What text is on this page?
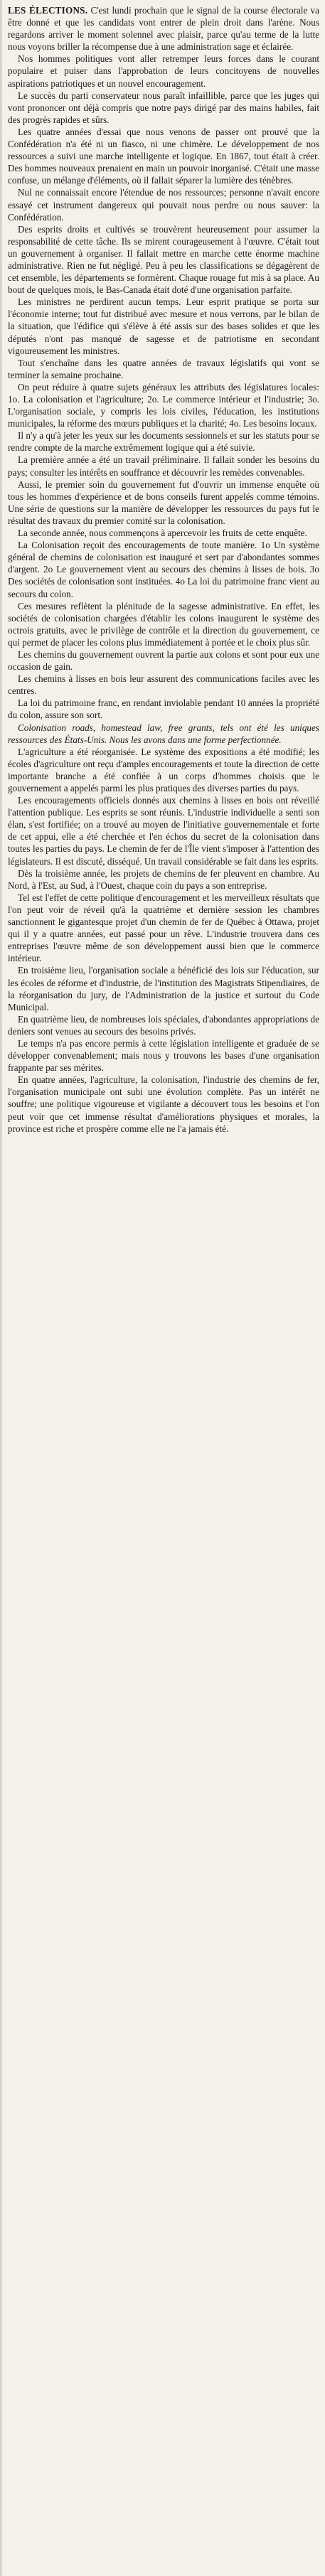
LES ÉLECTIONS. C'est lundi prochain que le signal de la course électorale va être donné et que les candidats vont entrer de plein droit dans l'arène. Nous regardons arriver le moment solennel avec plaisir, parce qu'au terme de la lutte nous voyons briller la récompense due à une administration sage et éclairée.

Nos hommes politiques vont aller retremper leurs forces dans le courant populaire et puiser dans l'approbation de leurs concitoyens de nouvelles aspirations patriotiques et un nouvel encouragement.

Le succès du parti conservateur nous paraît infaillible, parce que les juges qui vont prononcer ont déjà compris que notre pays dirigé par des mains habiles, fait des progrès rapides et sûrs.

Les quatre années d'essai que nous venons de passer ont prouvé que la Confédération n'a été ni un fiasco, ni une chimère. Le développement de nos ressources a suivi une marche intelligente et logique. En 1867, tout était à créer. Des hommes nouveaux prenaient en main un pouvoir inorganisé. C'était une masse confuse, un mélange d'éléments, où il fallait séparer la lumière des ténèbres.

Nul ne connaissait encore l'étendue de nos ressources; personne n'avait encore essayé cet instrument dangereux qui pouvait nous perdre ou nous sauver: la Confédération.

Des esprits droits et cultivés se trouvèrent heureusement pour assumer la responsabilité de cette tâche. Ils se mirent courageusement à l'œuvre. C'était tout un gouvernement à organiser. Il fallait mettre en marche cette énorme machine administrative. Rien ne fut négligé. Peu à peu les classifications se dégagèrent de cet ensemble, les départements se formèrent. Chaque rouage fut mis à sa place. Au bout de quelques mois, le Bas-Canada était doté d'une organisation parfaite.

Les ministres ne perdirent aucun temps. Leur esprit pratique se porta sur l'économie interne; tout fut distribué avec mesure et nous verrons, par le bilan de la situation, que l'édifice qui s'élève à été assis sur des bases solides et que les députés n'ont pas manqué de sagesse et de patriotisme en secondant vigoureusement les ministres.

Tout s'enchaîne dans les quatre années de travaux législatifs qui vont se terminer la semaine prochaine.

On peut réduire à quatre sujets généraux les attributs des législatures locales: 1o. La colonisation et l'agriculture; 2o. Le commerce intérieur et l'industrie; 3o. L'organisation sociale, y compris les lois civiles, l'éducation, les institutions municipales, la réforme des mœurs publiques et la charité; 4o. Les besoins locaux.

Il n'y a qu'à jeter les yeux sur les documents sessionnels et sur les statuts pour se rendre compte de la marche extrêmement logique qui a été suivie.

La première année a été un travail préliminaire. Il fallait sonder les besoins du pays; consulter les intérêts en souffrance et découvrir les remèdes convenables.

Aussi, le premier soin du gouvernement fut d'ouvrir un immense enquête où tous les hommes d'expérience et de bons conseils furent appelés comme témoins. Une série de questions sur la manière de développer les ressources du pays fut le résultat des travaux du premier comité sur la colonisation.

La seconde année, nous commençons à apercevoir les fruits de cette enquête.

La Colonisation reçoit des encouragements de toute manière. 1o Un système général de chemins de colonisation est inauguré et sert par d'abondantes sommes d'argent. 2o Le gouvernement vient au secours des chemins à lisses de bois. 3o Des sociétés de colonisation sont instituées. 4o La loi du patrimoine franc vient au secours du colon.

Ces mesures reflètent la plénitude de la sagesse administrative. En effet, les sociétés de colonisation chargées d'établir les colons inaugurent le système des octrois gratuits, avec le privilège de contrôle et la direction du gouvernement, ce qui permet de placer les colons plus immédiatement à portée et le choix plus sûr.

Les chemins du gouvernement ouvrent la partie aux colons et sont pour eux une occasion de gain.

Les chemins à lisses en bois leur assurent des communications faciles avec les centres.

La loi du patrimoine franc, en rendant inviolable pendant 10 années la propriété du colon, assure son sort.

Colonisation roads, homestead law, free grants, tels ont été les uniques ressources des États-Unis. Nous les avons dans une forme perfectionnée.

L'agriculture a été réorganisée. Le système des expositions a été modifié; les écoles d'agriculture ont reçu d'amples encouragements et toute la direction de cette importante branche a été confiée à un corps d'hommes choisis que le gouvernement a appelés parmi les plus pratiques des diverses parties du pays.

Les encouragements officiels donnés aux chemins à lisses en bois ont réveillé l'attention publique. Les esprits se sont réunis. L'industrie individuelle a senti son élan, s'est fortifiée; on a trouvé au moyen de l'initiative gouvernementale et forte de cet appui, elle a été cherchée et l'en échos du secret de la colonisation dans toutes les parties du pays. Le chemin de fer de l'Île vient s'imposer à l'attention des législateurs. Il est discuté, disséqué. Un travail considérable se fait dans les esprits.

Dès la troisième année, les projets de chemins de fer pleuvent en chambre. Au Nord, à l'Est, au Sud, à l'Ouest, chaque coin du pays a son entreprise.

Tel est l'effet de cette politique d'encouragement et les merveilleux résultats que l'on peut voir de réveil qu'à la quatrième et dernière session les chambres sanctionnent le gigantesque projet d'un chemin de fer de Québec à Ottawa, projet qui il y a quatre années, eut passé pour un rêve. L'industrie trouvera dans ces entreprises l'œuvre même de son développement aussi bien que le commerce intérieur.

En troisième lieu, l'organisation sociale a bénéficié des lois sur l'éducation, sur les écoles de réforme et d'industrie, de l'institution des Magistrats Stipendiaires, de la réorganisation du jury, de l'Administration de la justice et surtout du Code Municipal.

En quatrième lieu, de nombreuses lois spéciales, d'abondantes appropriations de deniers sont venues au secours des besoins privés.

Le temps n'a pas encore permis à cette législation intelligente et graduée de se développer convenablement; mais nous y trouvons les bases d'une organisation frappante par ses mérites.

En quatre années, l'agriculture, la colonisation, l'industrie des chemins de fer, l'organisation municipale ont subi une évolution complète. Pas un intérêt ne souffre; une politique vigoureuse et vigilante a découvert tous les besoins et l'on peut voir que cet immense résultat d'améliorations physiques et morales, la province est riche et prospère comme elle ne l'a jamais été.
